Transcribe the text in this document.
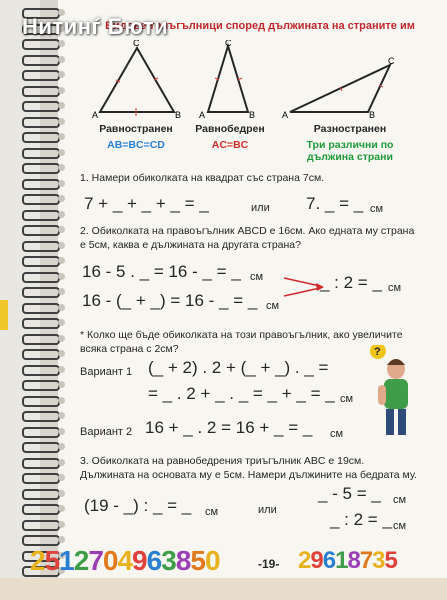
Нитинѓ Бюти
Видове триъгълници според дължината на страните им
C
A	B
Равностранен
AB=BC=CD
C
A	B
Равнобедрен
AC=BC
C
A	B
Разностранен
Три различни по дължина страни
1. Намери обиколката на квадрат със страна 7см.
7 + _ + _ + _ = _	или 7. _ = _ см
2. Обиколката на правоъгълник ABCD е 16см. Ако едната му страна е 5см, каква е дължината на другата страна?
16 - 5 . _ = 16 - _ = _ см
16 - (_ + _) = 16 - _ = _ см
_ : 2 = _ см
* Колко ще бъде обиколката на този правоъгълник, ако увеличите всяка страна с 2см?
Вариант 1 (_ + 2) . 2 + (_ + _) . _ =
= _ . 2 + _ . _ = _ + _ = _ см
Вариант 2 16 + _ . 2 = 16 + _ = _ см
?
3. Обиколката на равнобедрения триъгълник ABC е 19см. Дължината на основата му е 5см. Намери дължините на бедрата му.
(19 - _) : _ = _ см	или
_ - 5 = _ см
_ : 2 = _ см
2512704963850	-19- 29618735
